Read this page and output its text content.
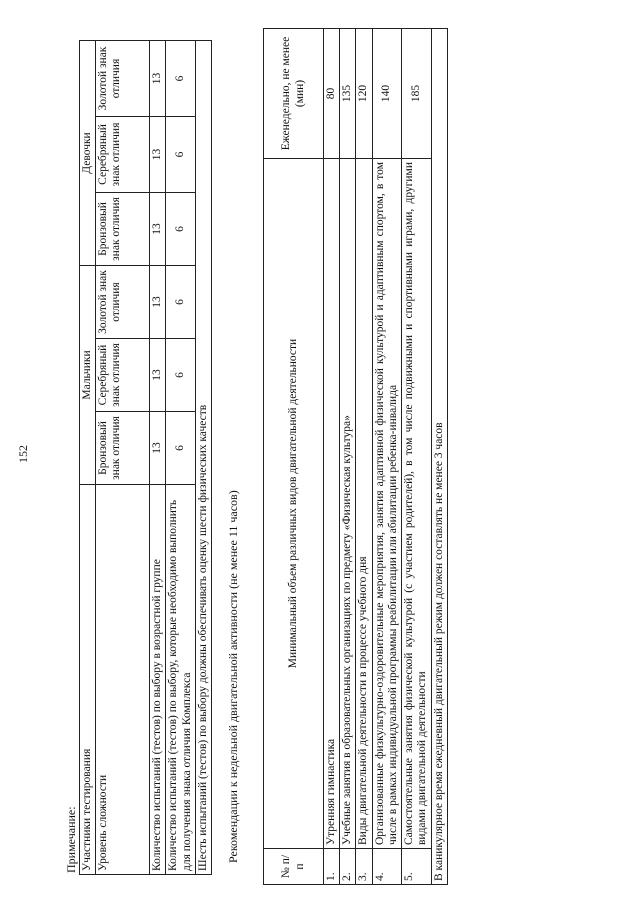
152
Примечание: Участники тестирования	Мальчики			Девочки		
Уровень сложности	Бронзовый знак отличия	Серебряный знак отличия	Золотой знак отличия	Бронзовый знак отличия	Серебряный знак отличия	Золотой знак отличия
Количество испытаний (тестов) по выбору в возрастной группе	13	13	13	13	13	13
Количество испытаний (тестов) по выбору, которые необходимо выполнить для получения знака отличия Комплекса	6	6	6	6	6	6
Шесть испытаний (тестов) по выбору должны обеспечивать оценку шести физических качеств						Рекомендации к недельной двигательной активности (не менее 11 часов)
№ п/п	Минимальный объем различных видов двигательной деятельности	Еженедельно, не менее (мин)
1.	Утренняя гимнастика	80
2.	Учебные занятия в образовательных организациях по предмету «Физическая культура»	135
3.	Виды двигательной деятельности в процессе учебного дня	120
4.	Организованные физкультурно-оздоровительные мероприятия, занятия адаптивной физической культурой и адаптивным спортом, в том числе в рамках индивидуальной программы реабилитации или абилитации ребенка-инвалида	140
5.	Самостоятельные занятия физической культурой (с участием родителей), в том числе подвижными и спортивными играми, другими видами двигательной деятельности	185
В каникулярное время ежедневный двигательный режим должен составлять не менее 3 часов		
